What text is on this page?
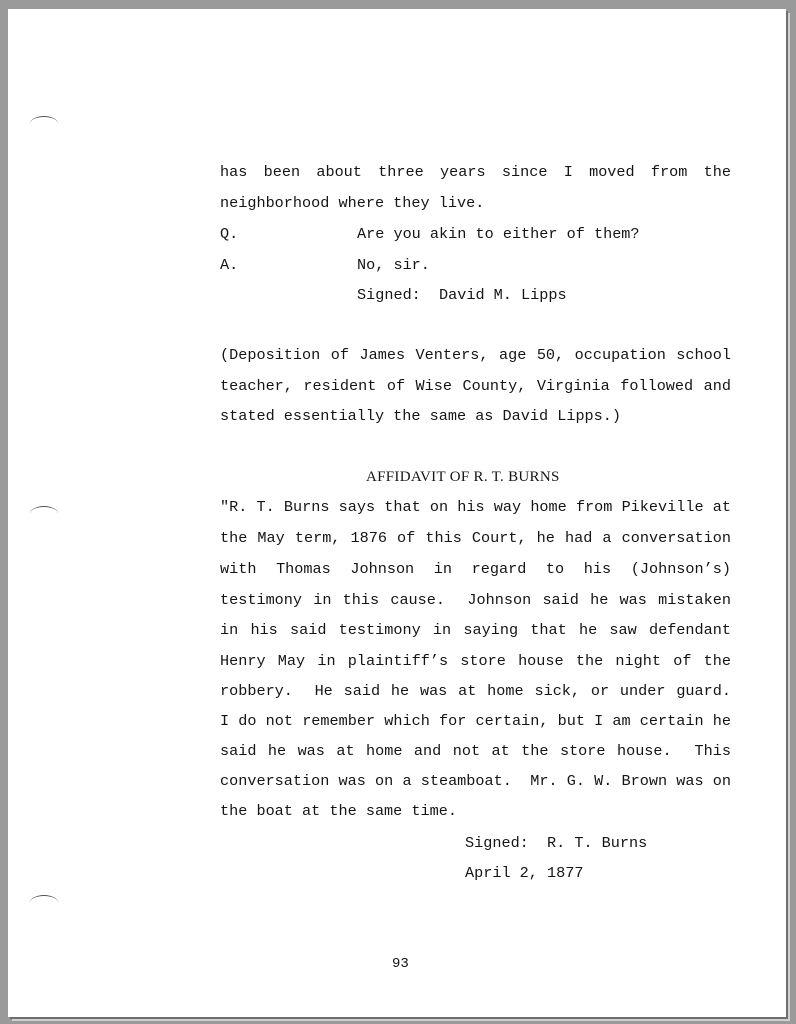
has been about three years since I moved from the
neighborhood where they live.
Q.	Are you akin to either of them?
A.	No, sir.
Signed: David M. Lipps
(Deposition of James Venters, age 50, occupation school
teacher, resident of Wise County, Virginia followed and
stated essentially the same as David Lipps.)
AFFIDAVIT OF R. T. BURNS
"R. T. Burns says that on his way home from Pikeville at
the May term, 1876 of this Court, he had a conversation
with Thomas Johnson in regard to his (Johnson’s)
testimony in this cause.  Johnson said he was mistaken
in his said testimony in saying that he saw defendant
Henry May in plaintiff’s store house the night of the
robbery.  He said he was at home sick, or under guard.
I do not remember which for certain, but I am certain he
said he was at home and not at the store house.  This
conversation was on a steamboat.  Mr. G. W. Brown was on
the boat at the same time.
Signed: R. T. Burns
April 2, 1877
93
